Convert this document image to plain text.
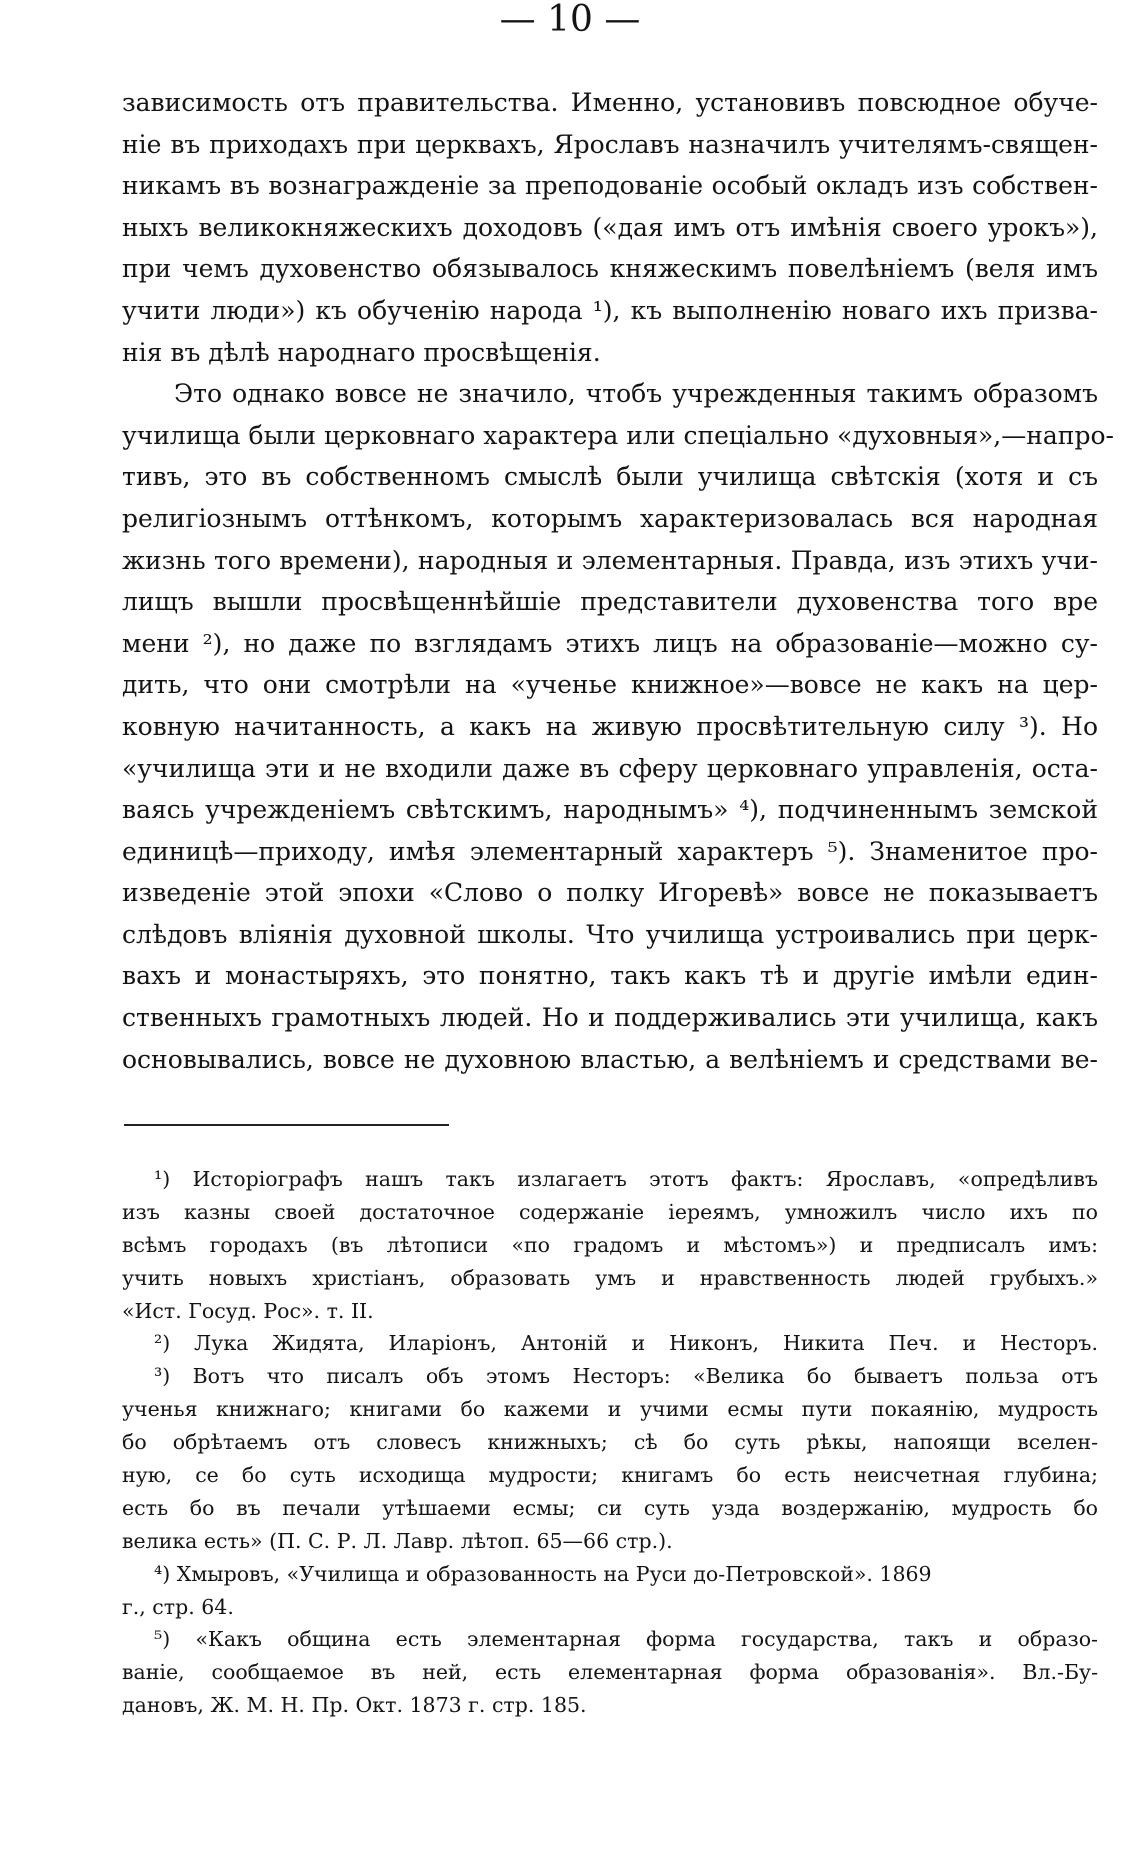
— 10 —
зависимость отъ правительства. Именно, установивъ повсюдное обуче-
ніе въ приходахъ при церквахъ, Ярославъ назначилъ учителямъ-священ-
никамъ въ вознагражденіе за преподованіе особый окладъ изъ собствен-
ныхъ великокняжескихъ доходовъ («дая имъ отъ имѣнія своего урокъ»),
при чемъ духовенство обязывалось княжескимъ повелѣніемъ (веля имъ
учити люди») къ обученію народа ¹), къ выполненію новаго ихъ призва-
нія въ дѣлѣ народнаго просвѣщенія.
Это однако вовсе не значило, чтобъ учрежденныя такимъ образомъ
училища были церковнаго характера или спеціально «духовныя»,—напро-
тивъ, это въ собственномъ смыслѣ были училища свѣтскія (хотя и съ
религіознымъ оттѣнкомъ, которымъ характеризовалась вся народная
жизнь того времени), народныя и элементарныя. Правда, изъ этихъ учи-
лищъ вышли просвѣщеннѣйшіе представители духовенства того вре
мени ²), но даже по взглядамъ этихъ лицъ на образованіе—можно су-
дить, что они смотрѣли на «ученье книжное»—вовсе не какъ на цер-
ковную начитанность, а какъ на живую просвѣтительную силу ³). Но
«училища эти и не входили даже въ сферу церковнаго управленія, оста-
ваясь учрежденіемъ свѣтскимъ, народнымъ» ⁴), подчиненнымъ земской
единицѣ—приходу, имѣя элементарный характеръ ⁵). Знаменитое про-
изведеніе этой эпохи «Слово о полку Игоревѣ» вовсе не показываетъ
слѣдовъ вліянія духовной школы. Что училища устроивались при церк-
вахъ и монастыряхъ, это понятно, такъ какъ тѣ и другіе имѣли един-
ственныхъ грамотныхъ людей. Но и поддерживались эти училища, какъ
основывались, вовсе не духовною властью, а велѣніемъ и средствами ве-
¹) Исторіографъ нашъ такъ излагаетъ этотъ фактъ: Ярославъ, «опредѣливъ
изъ казны своей достаточное содержаніе іереямъ, умножилъ число ихъ по
всѣмъ городахъ (въ лѣтописи «по градомъ и мѣстомъ») и предписалъ имъ:
учить новыхъ христіанъ, образовать умъ и нравственность людей грубыхъ.»
«Ист. Госуд. Рос». т. II.
²) Лука Жидята, Иларіонъ, Антоній и Никонъ, Никита Печ. и Несторъ.
³) Вотъ что писалъ объ этомъ Несторъ: «Велика бо бываетъ польза отъ
ученья книжнаго; книгами бо кажеми и учими есмы пути покаянію, мудрость
бо обрѣтаемъ отъ словесъ книжныхъ; сѣ бо суть рѣкы, напоящи вселен-
ную, се бо суть исходища мудрости; книгамъ бо есть неисчетная глубина;
есть бо въ печали утѣшаеми есмы; си суть узда воздержанію, мудрость бо
велика есть» (П. С. Р. Л. Лавр. лѣтоп. 65—66 стр.).
⁴) Хмыровъ, «Училища и образованность на Руси до-Петровской». 1869
г., стр. 64.
⁵) «Какъ община есть элементарная форма государства, такъ и образо-
ваніе, сообщаемое въ ней, есть елементарная форма образованія». Вл.-Бу-
дановъ, Ж. М. Н. Пр. Окт. 1873 г. стр. 185.
